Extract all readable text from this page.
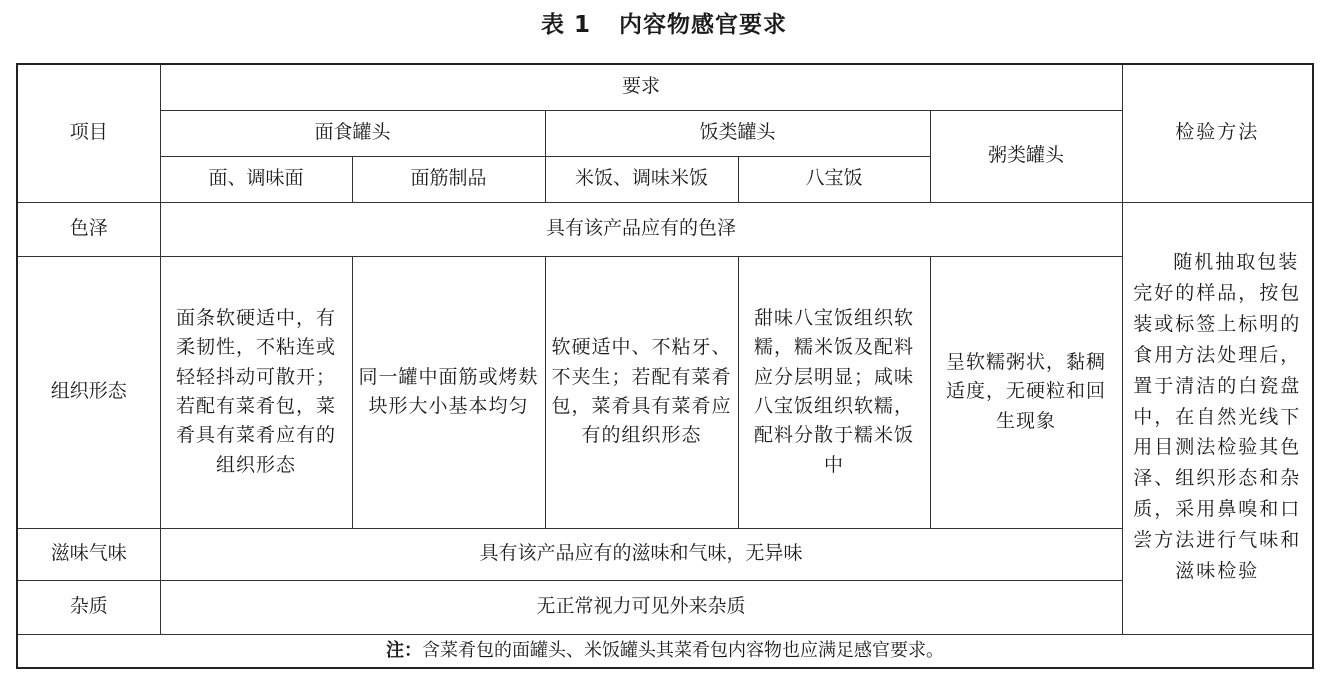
表 1 内容物感官要求
项目	要求					检验方法
	面食罐头		饭类罐头		粥类罐头	
	面、调味面	面筋制品	米饭、调味米饭	八宝饭		
色泽	具有该产品应有的色泽					随机抽取包装完好的样品，按包装或标签上标明的食用方法处理后，置于清洁的白瓷盘中，在自然光线下用目测法检验其色泽、组织形态和杂质，采用鼻嗅和口尝方法进行气味和滋味检验

组织形态	面条软硬适中，有柔韧性，不粘连或轻轻抖动可散开；若配有菜肴包，菜肴具有菜肴应有的组织形态	同一罐中面筋或烤麸块形大小基本均匀	软硬适中、不粘牙、不夹生；若配有菜肴包，菜肴具有菜肴应有的组织形态	甜味八宝饭组织软糯，糯米饭及配料应分层明显；咸味八宝饭组织软糯，配料分散于糯米饭中	呈软糯粥状，黏稠适度，无硬粒和回生现象	
滋味气味	具有该产品应有的滋味和气味，无异味					
杂质	无正常视力可见外来杂质					
注：含菜肴包的面罐头、米饭罐头其菜肴包内容物也应满足感官要求。						
